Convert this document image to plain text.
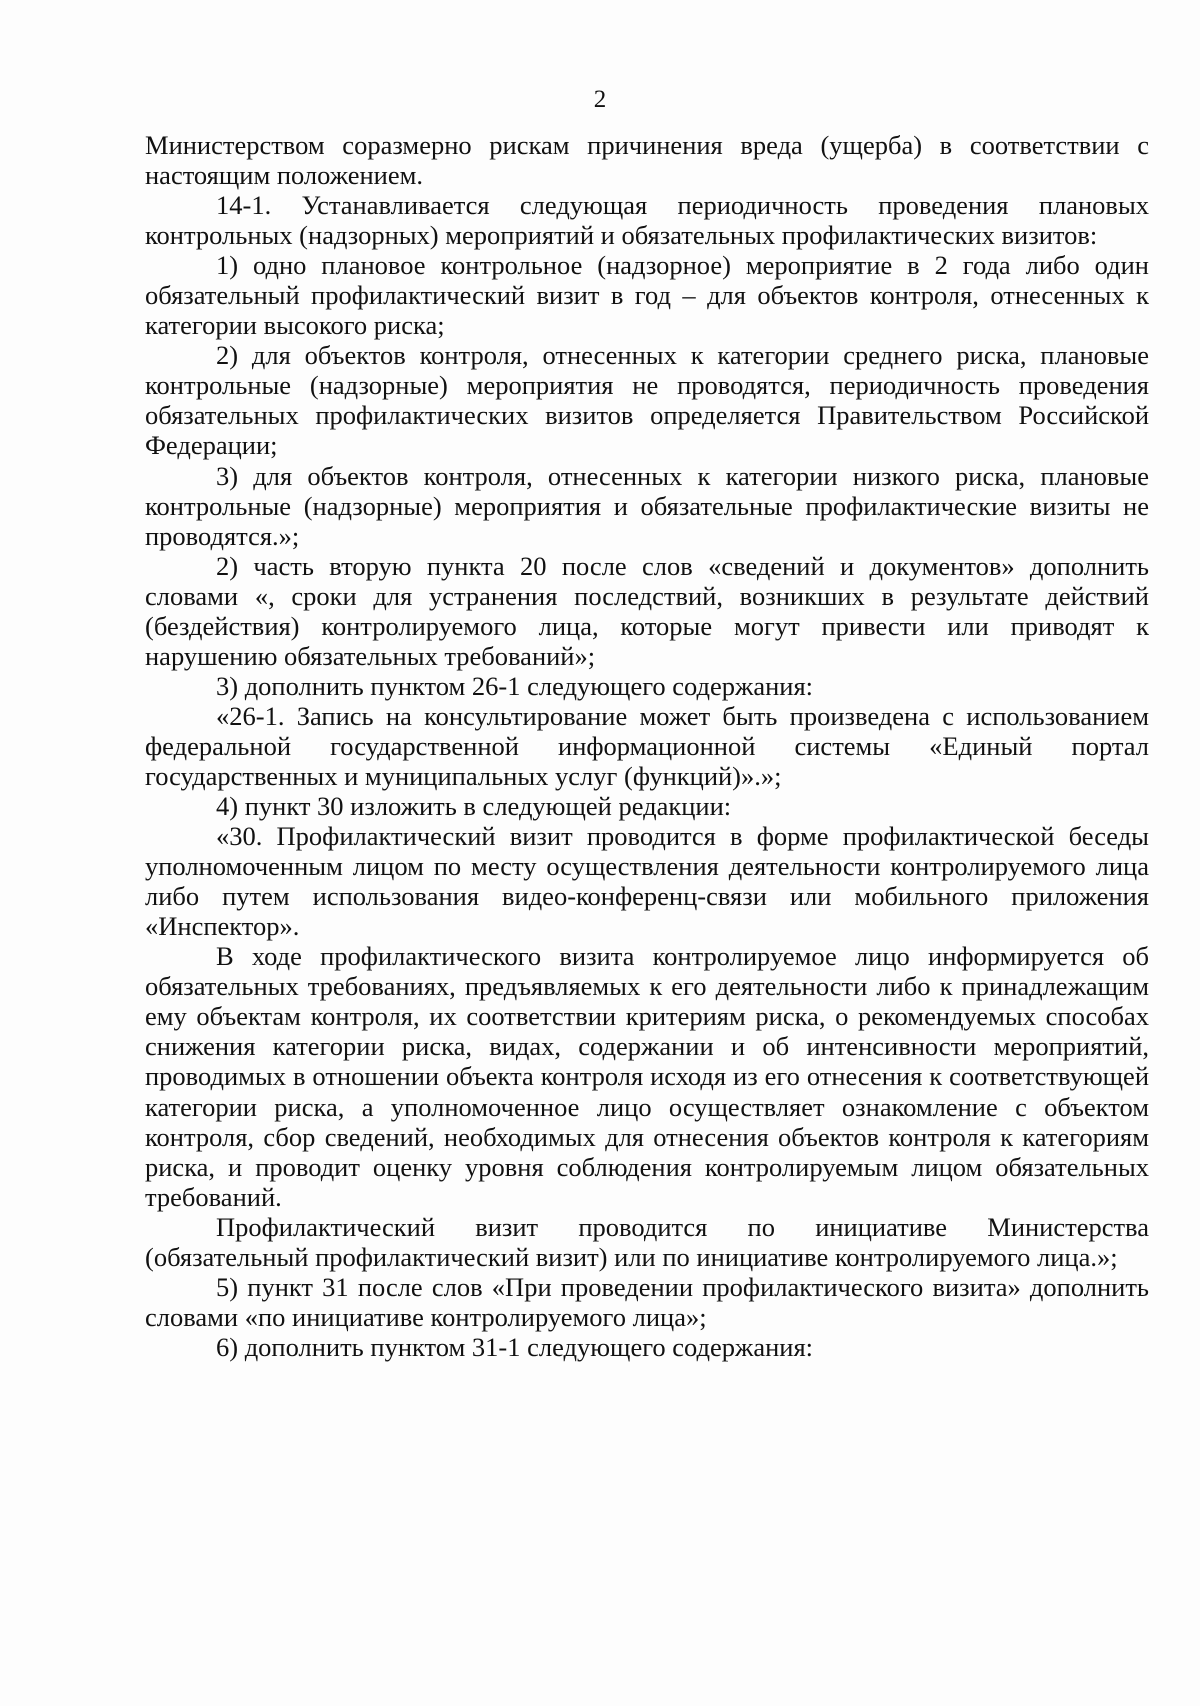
2

Министерством соразмерно рискам причинения вреда (ущерба) в соответствии с настоящим положением.

14-1. Устанавливается следующая периодичность проведения плановых контрольных (надзорных) мероприятий и обязательных профилактических визитов:

1) одно плановое контрольное (надзорное) мероприятие в 2 года либо один обязательный профилактический визит в год – для объектов контроля, отнесенных к категории высокого риска;

2) для объектов контроля, отнесенных к категории среднего риска, плановые контрольные (надзорные) мероприятия не проводятся, периодичность проведения обязательных профилактических визитов определяется Правительством Российской Федерации;

3) для объектов контроля, отнесенных к категории низкого риска, плановые контрольные (надзорные) мероприятия и обязательные профилактические визиты не проводятся.»;

2) часть вторую пункта 20 после слов «сведений и документов» дополнить словами «, сроки для устранения последствий, возникших в результате действий (бездействия) контролируемого лица, которые могут привести или приводят к нарушению обязательных требований»;

3) дополнить пунктом 26-1 следующего содержания:

«26-1. Запись на консультирование может быть произведена с использованием федеральной государственной информационной системы «Единый портал государственных и муниципальных услуг (функций)».»;

4) пункт 30 изложить в следующей редакции:

«30. Профилактический визит проводится в форме профилактической беседы уполномоченным лицом по месту осуществления деятельности контролируемого лица либо путем использования видео-конференц-связи или мобильного приложения «Инспектор».

В ходе профилактического визита контролируемое лицо информируется об обязательных требованиях, предъявляемых к его деятельности либо к принадлежащим ему объектам контроля, их соответствии критериям риска, о рекомендуемых способах снижения категории риска, видах, содержании и об интенсивности мероприятий, проводимых в отношении объекта контроля исходя из его отнесения к соответствующей категории риска, а уполномоченное лицо осуществляет ознакомление с объектом контроля, сбор сведений, необходимых для отнесения объектов контроля к категориям риска, и проводит оценку уровня соблюдения контролируемым лицом обязательных требований.

Профилактический визит проводится по инициативе Министерства (обязательный профилактический визит) или по инициативе контролируемого лица.»;

5) пункт 31 после слов «При проведении профилактического визита» дополнить словами «по инициативе контролируемого лица»;

6) дополнить пунктом 31-1 следующего содержания:
